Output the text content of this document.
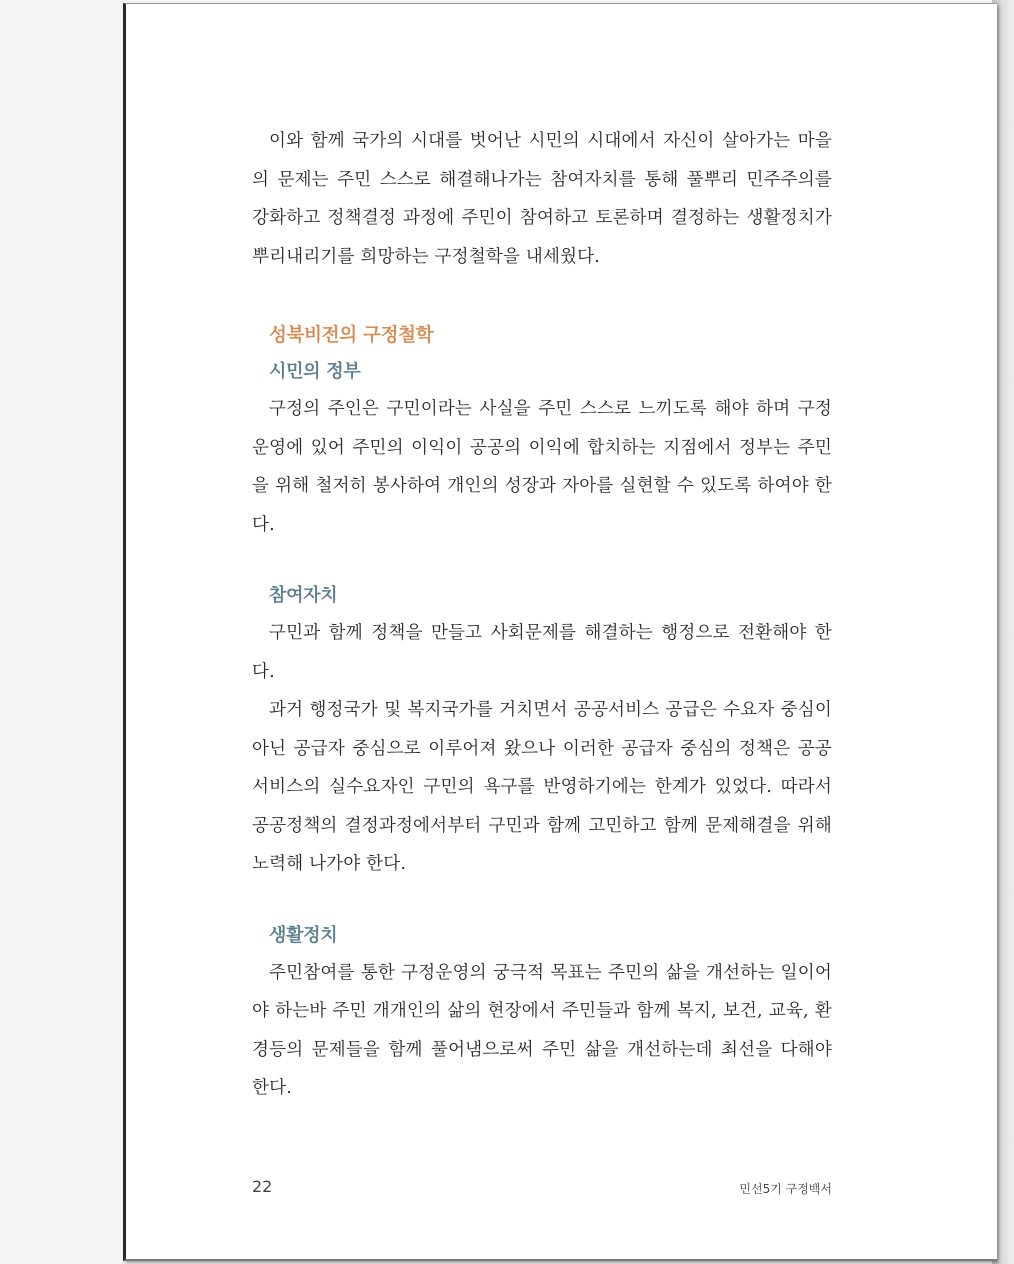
이와 함께 국가의 시대를 벗어난 시민의 시대에서 자신이 살아가는 마을의 문제는 주민 스스로 해결해나가는 참여자치를 통해 풀뿌리 민주주의를 강화하고 정책결정 과정에 주민이 참여하고 토론하며 결정하는 생활정치가 뿌리내리기를 희망하는 구정철학을 내세웠다.

성북비전의 구정철학
시민의 정부

구정의 주인은 구민이라는 사실을 주민 스스로 느끼도록 해야 하며 구정운영에 있어 주민의 이익이 공공의 이익에 합치하는 지점에서 정부는 주민을 위해 철저히 봉사하여 개인의 성장과 자아를 실현할 수 있도록 하여야 한다.

참여자치

구민과 함께 정책을 만들고 사회문제를 해결하는 행정으로 전환해야 한다.

과거 행정국가 및 복지국가를 거치면서 공공서비스 공급은 수요자 중심이 아닌 공급자 중심으로 이루어져 왔으나 이러한 공급자 중심의 정책은 공공서비스의 실수요자인 구민의 욕구를 반영하기에는 한계가 있었다. 따라서 공공정책의 결정과정에서부터 구민과 함께 고민하고 함께 문제해결을 위해 노력해 나가야 한다.

생활정치

주민참여를 통한 구정운영의 궁극적 목표는 주민의 삶을 개선하는 일이어야 하는바 주민 개개인의 삶의 현장에서 주민들과 함께 복지, 보건, 교육, 환경등의 문제들을 함께 풀어냄으로써 주민 삶을 개선하는데 최선을 다해야 한다.

22	민선5기 구정백서
